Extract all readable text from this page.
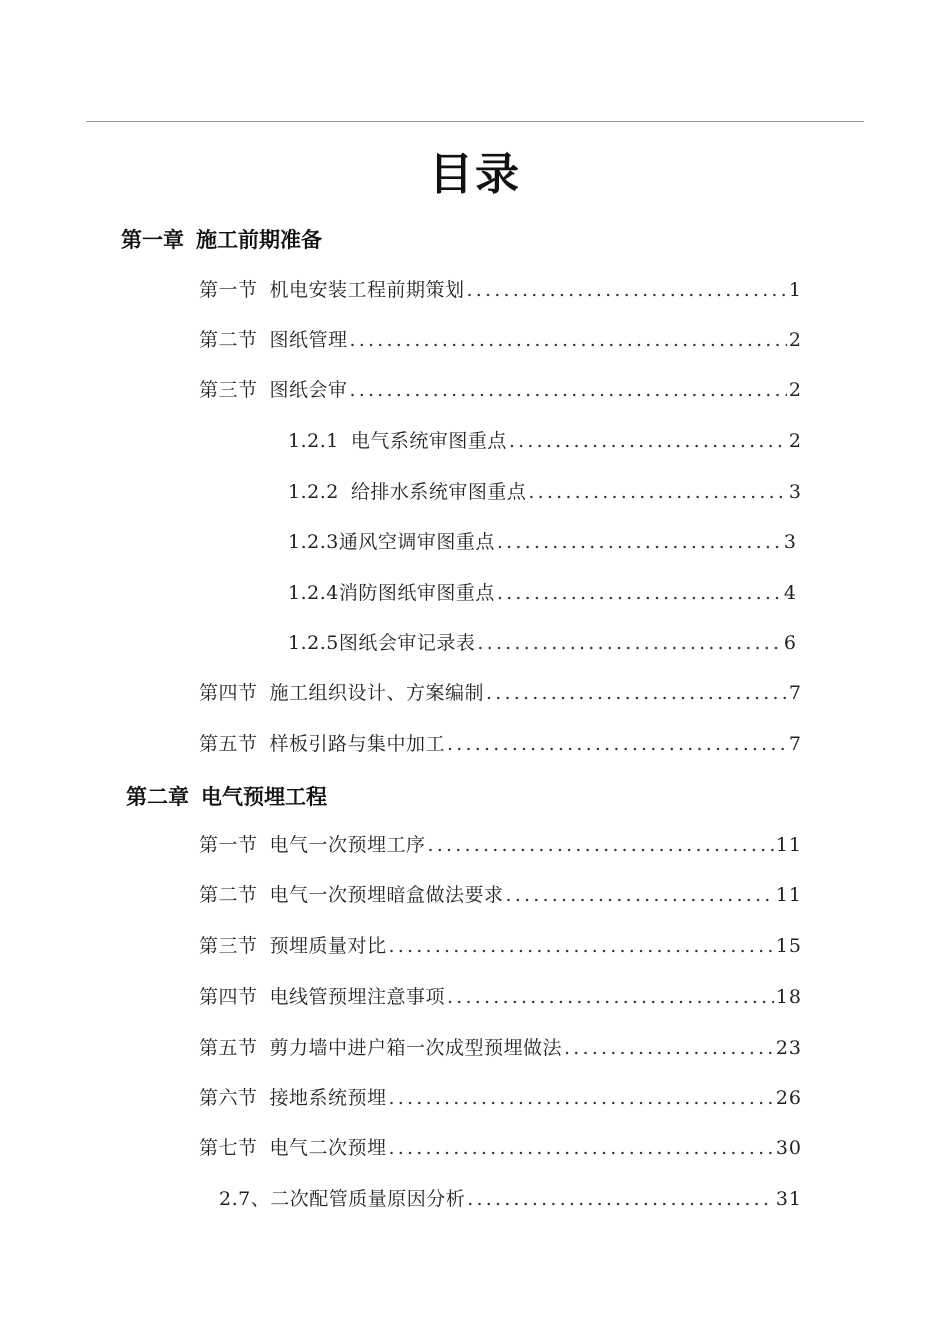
目录
第一章 施工前期准备
第一节 机电安装工程前期策划 .....	1
第二节 图纸管理 .....	2
第三节 图纸会审 .....	2
1.2.1 电气系统审图重点 .....	2
1.2.2 给排水系统审图重点 .....	3
1.2.3通风空调审图重点 .....	3
1.2.4消防图纸审图重点 .....	4
1.2.5图纸会审记录表 .....	6
第四节 施工组织设计、方案编制 .....	7
第五节 样板引路与集中加工 .....	7
第二章 电气预埋工程
第一节 电气一次预埋工序 .....	11
第二节 电气一次预埋暗盒做法要求 .....	11
第三节 预埋质量对比 .....	15
第四节 电线管预埋注意事项 .....	18
第五节 剪力墙中进户箱一次成型预埋做法 .....	23
第六节 接地系统预埋 .....	26
第七节 电气二次预埋 .....	30
2.7、二次配管质量原因分析 .....	31
